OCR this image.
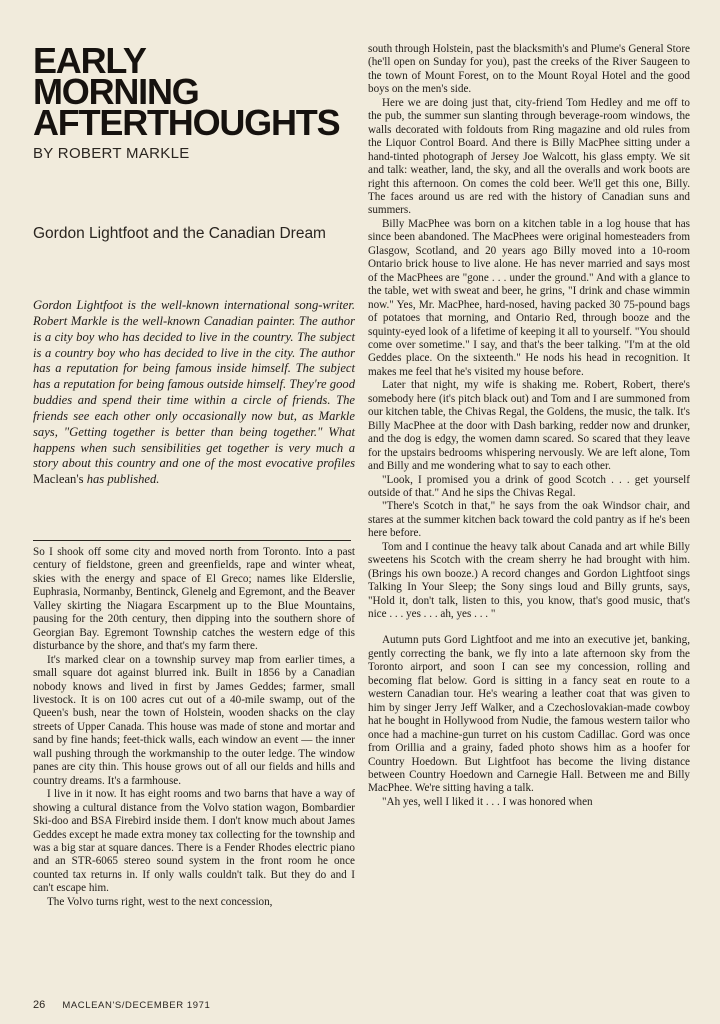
EARLY
MORNING
AFTERTHOUGHTS
BY ROBERT MARKLE
Gordon Lightfoot and the Canadian Dream

Gordon Lightfoot is the well-known international song-writer. Robert Markle is the well-known Canadian painter. The author is a city boy who has decided to live in the country. The subject is a country boy who has decided to live in the city. The author has a reputation for being famous inside himself. The subject has a reputation for being famous outside himself. They're good buddies and spend their time within a circle of friends. The friends see each other only occasionally now but, as Markle says, "Getting together is better than being together." What happens when such sensibilities get together is very much a story about this country and one of the most evocative profiles Maclean's has published.

So I shook off some city and moved north from Toronto. Into a past century of fieldstone, green and greenfields, rape and winter wheat, skies with the energy and space of El Greco; names like Elderslie, Euphrasia, Normanby, Bentinck, Glenelg and Egremont, and the Beaver Valley skirting the Niagara Escarpment up to the Blue Mountains, pausing for the 20th century, then dipping into the southern shore of Georgian Bay. Egremont Township catches the western edge of this disturbance by the shore, and that's my farm there.

It's marked clear on a township survey map from earlier times, a small square dot against blurred ink. Built in 1856 by a Canadian nobody knows and lived in first by James Geddes; farmer, small livestock. It is on 100 acres cut out of a 40-mile swamp, out of the Queen's bush, near the town of Holstein, wooden shacks on the clay streets of Upper Canada. This house was made of stone and mortar and sand by fine hands; feet-thick walls, each window an event — the inner wall pushing through the workmanship to the outer ledge. The window panes are city thin. This house grows out of all our fields and hills and country dreams. It's a farmhouse.

I live in it now. It has eight rooms and two barns that have a way of showing a cultural distance from the Volvo station wagon, Bombardier Ski-doo and BSA Firebird inside them. I don't know much about James Geddes except he made extra money tax collecting for the township and was a big star at square dances. There is a Fender Rhodes electric piano and an STR-6065 stereo sound system in the front room he once counted tax returns in. If only walls couldn't talk. But they do and I can't escape him.

The Volvo turns right, west to the next concession,

south through Holstein, past the blacksmith's and Plume's General Store (he'll open on Sunday for you), past the creeks of the River Saugeen to the town of Mount Forest, on to the Mount Royal Hotel and the good boys on the men's side.

Here we are doing just that, city-friend Tom Hedley and me off to the pub, the summer sun slanting through beverage-room windows, the walls decorated with foldouts from Ring magazine and old rules from the Liquor Control Board. And there is Billy MacPhee sitting under a hand-tinted photograph of Jersey Joe Walcott, his glass empty. We sit and talk: weather, land, the sky, and all the overalls and work boots are right this afternoon. On comes the cold beer. We'll get this one, Billy. The faces around us are red with the history of Canadian suns and summers.

Billy MacPhee was born on a kitchen table in a log house that has since been abandoned. The MacPhees were original homesteaders from Glasgow, Scotland, and 20 years ago Billy moved into a 10-room Ontario brick house to live alone. He has never married and says most of the MacPhees are "gone . . . under the ground." And with a glance to the table, wet with sweat and beer, he grins, "I drink and chase wimmin now." Yes, Mr. MacPhee, hard-nosed, having packed 30 75-pound bags of potatoes that morning, and Ontario Red, through booze and the squinty-eyed look of a lifetime of keeping it all to yourself. "You should come over sometime." I say, and that's the beer talking. "I'm at the old Geddes place. On the sixteenth." He nods his head in recognition. It makes me feel that he's visited my house before.

Later that night, my wife is shaking me. Robert, Robert, there's somebody here (it's pitch black out) and Tom and I are summoned from our kitchen table, the Chivas Regal, the Goldens, the music, the talk. It's Billy MacPhee at the door with Dash barking, redder now and drunker, and the dog is edgy, the women damn scared. So scared that they leave for the upstairs bedrooms whispering nervously. We are left alone, Tom and Billy and me wondering what to say to each other.

"Look, I promised you a drink of good Scotch . . . get yourself outside of that." And he sips the Chivas Regal.

"There's Scotch in that," he says from the oak Windsor chair, and stares at the summer kitchen back toward the cold pantry as if he's been here before.

Tom and I continue the heavy talk about Canada and art while Billy sweetens his Scotch with the cream sherry he had brought with him. (Brings his own booze.) A record changes and Gordon Lightfoot sings Talking In Your Sleep; the Sony sings loud and Billy grunts, says, "Hold it, don't talk, listen to this, you know, that's good music, that's nice . . . yes . . . ah, yes . . . "

Autumn puts Gord Lightfoot and me into an executive jet, banking, gently correcting the bank, we fly into a late afternoon sky from the Toronto airport, and soon I can see my concession, rolling and becoming flat below. Gord is sitting in a fancy seat en route to a western Canadian tour. He's wearing a leather coat that was given to him by singer Jerry Jeff Walker, and a Czechoslovakian-made cowboy hat he bought in Hollywood from Nudie, the famous western tailor who once had a machine-gun turret on his custom Cadillac. Gord was once from Orillia and a grainy, faded photo shows him as a hoofer for Country Hoedown. But Lightfoot has become the living distance between Country Hoedown and Carnegie Hall. Between me and Billy MacPhee. We're sitting having a talk.

"Ah yes, well I liked it . . . I was honored when

26 MACLEAN'S/DECEMBER 1971
